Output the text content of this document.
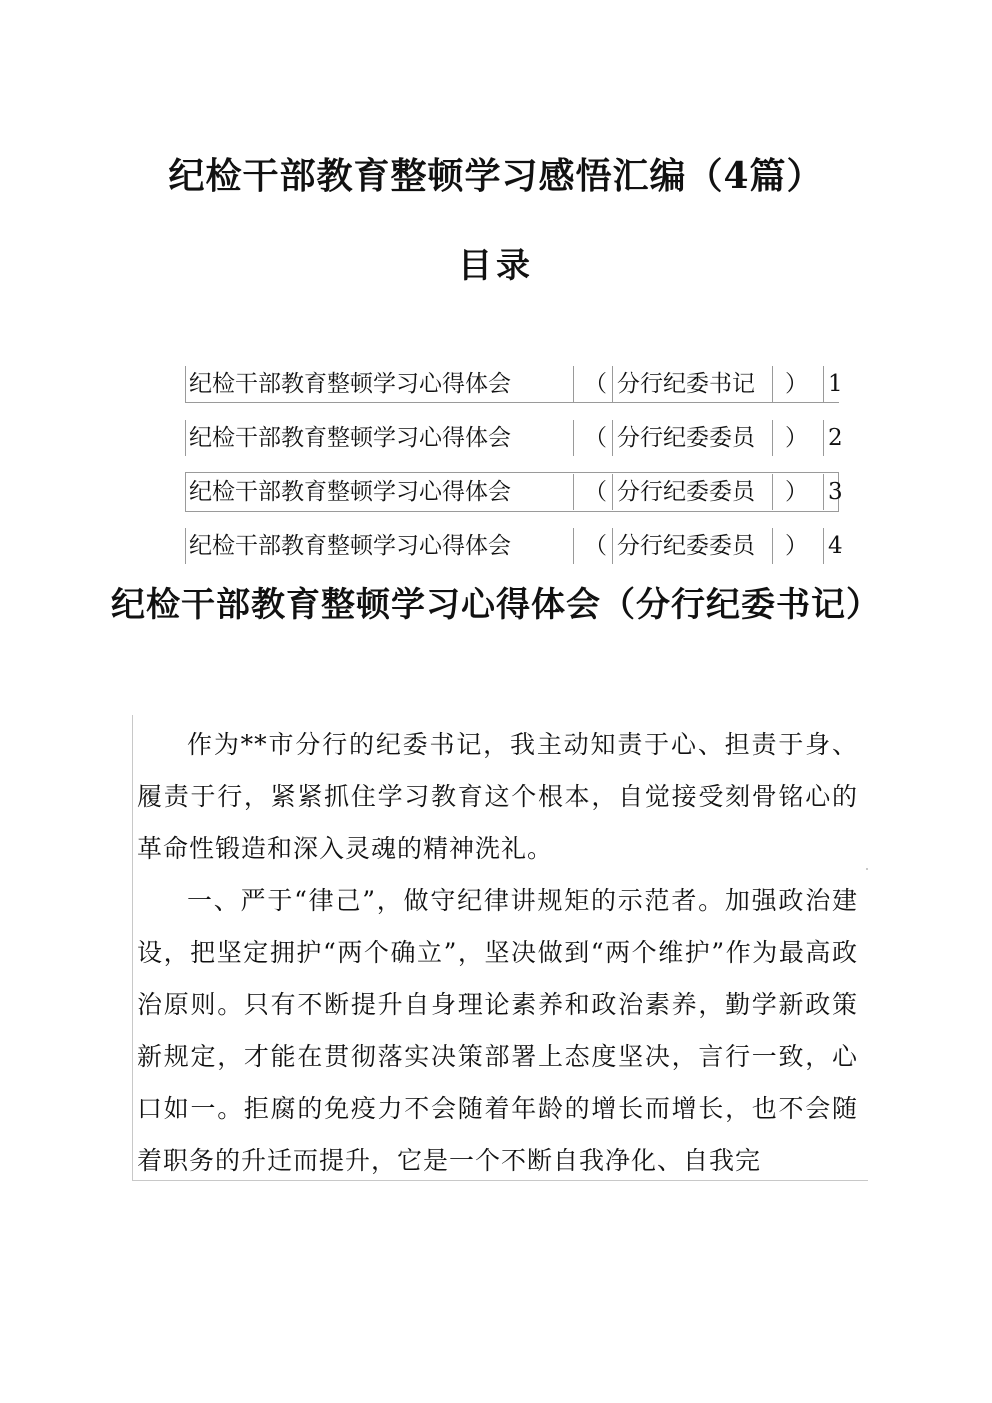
纪检干部教育整顿学习感悟汇编（4篇）
目录
纪检干部教育整顿学习心得体会	（ 分行纪委书记	） 1
纪检干部教育整顿学习心得体会	（ 分行纪委委员	） 2
纪检干部教育整顿学习心得体会	（ 分行纪委委员	） 3
纪检干部教育整顿学习心得体会	（ 分行纪委委员	） 4
纪检干部教育整顿学习心得体会（分行纪委书记）

作为**市分行的纪委书记，我主动知责于心、担责于身、履责于行，紧紧抓住学习教育这个根本，自觉接受刻骨铭心的革命性锻造和深入灵魂的精神洗礼。

一、严于“律己”，做守纪律讲规矩的示范者。加强政治建设，把坚定拥护“两个确立”，坚决做到“两个维护”作为最高政治原则。只有不断提升自身理论素养和政治素养，勤学新政策新规定，才能在贯彻落实决策部署上态度坚决，言行一致，心口如一。拒腐的免疫力不会随着年龄的增长而增长，也不会随着职务的升迁而提升，它是一个不断自我净化、自我完
